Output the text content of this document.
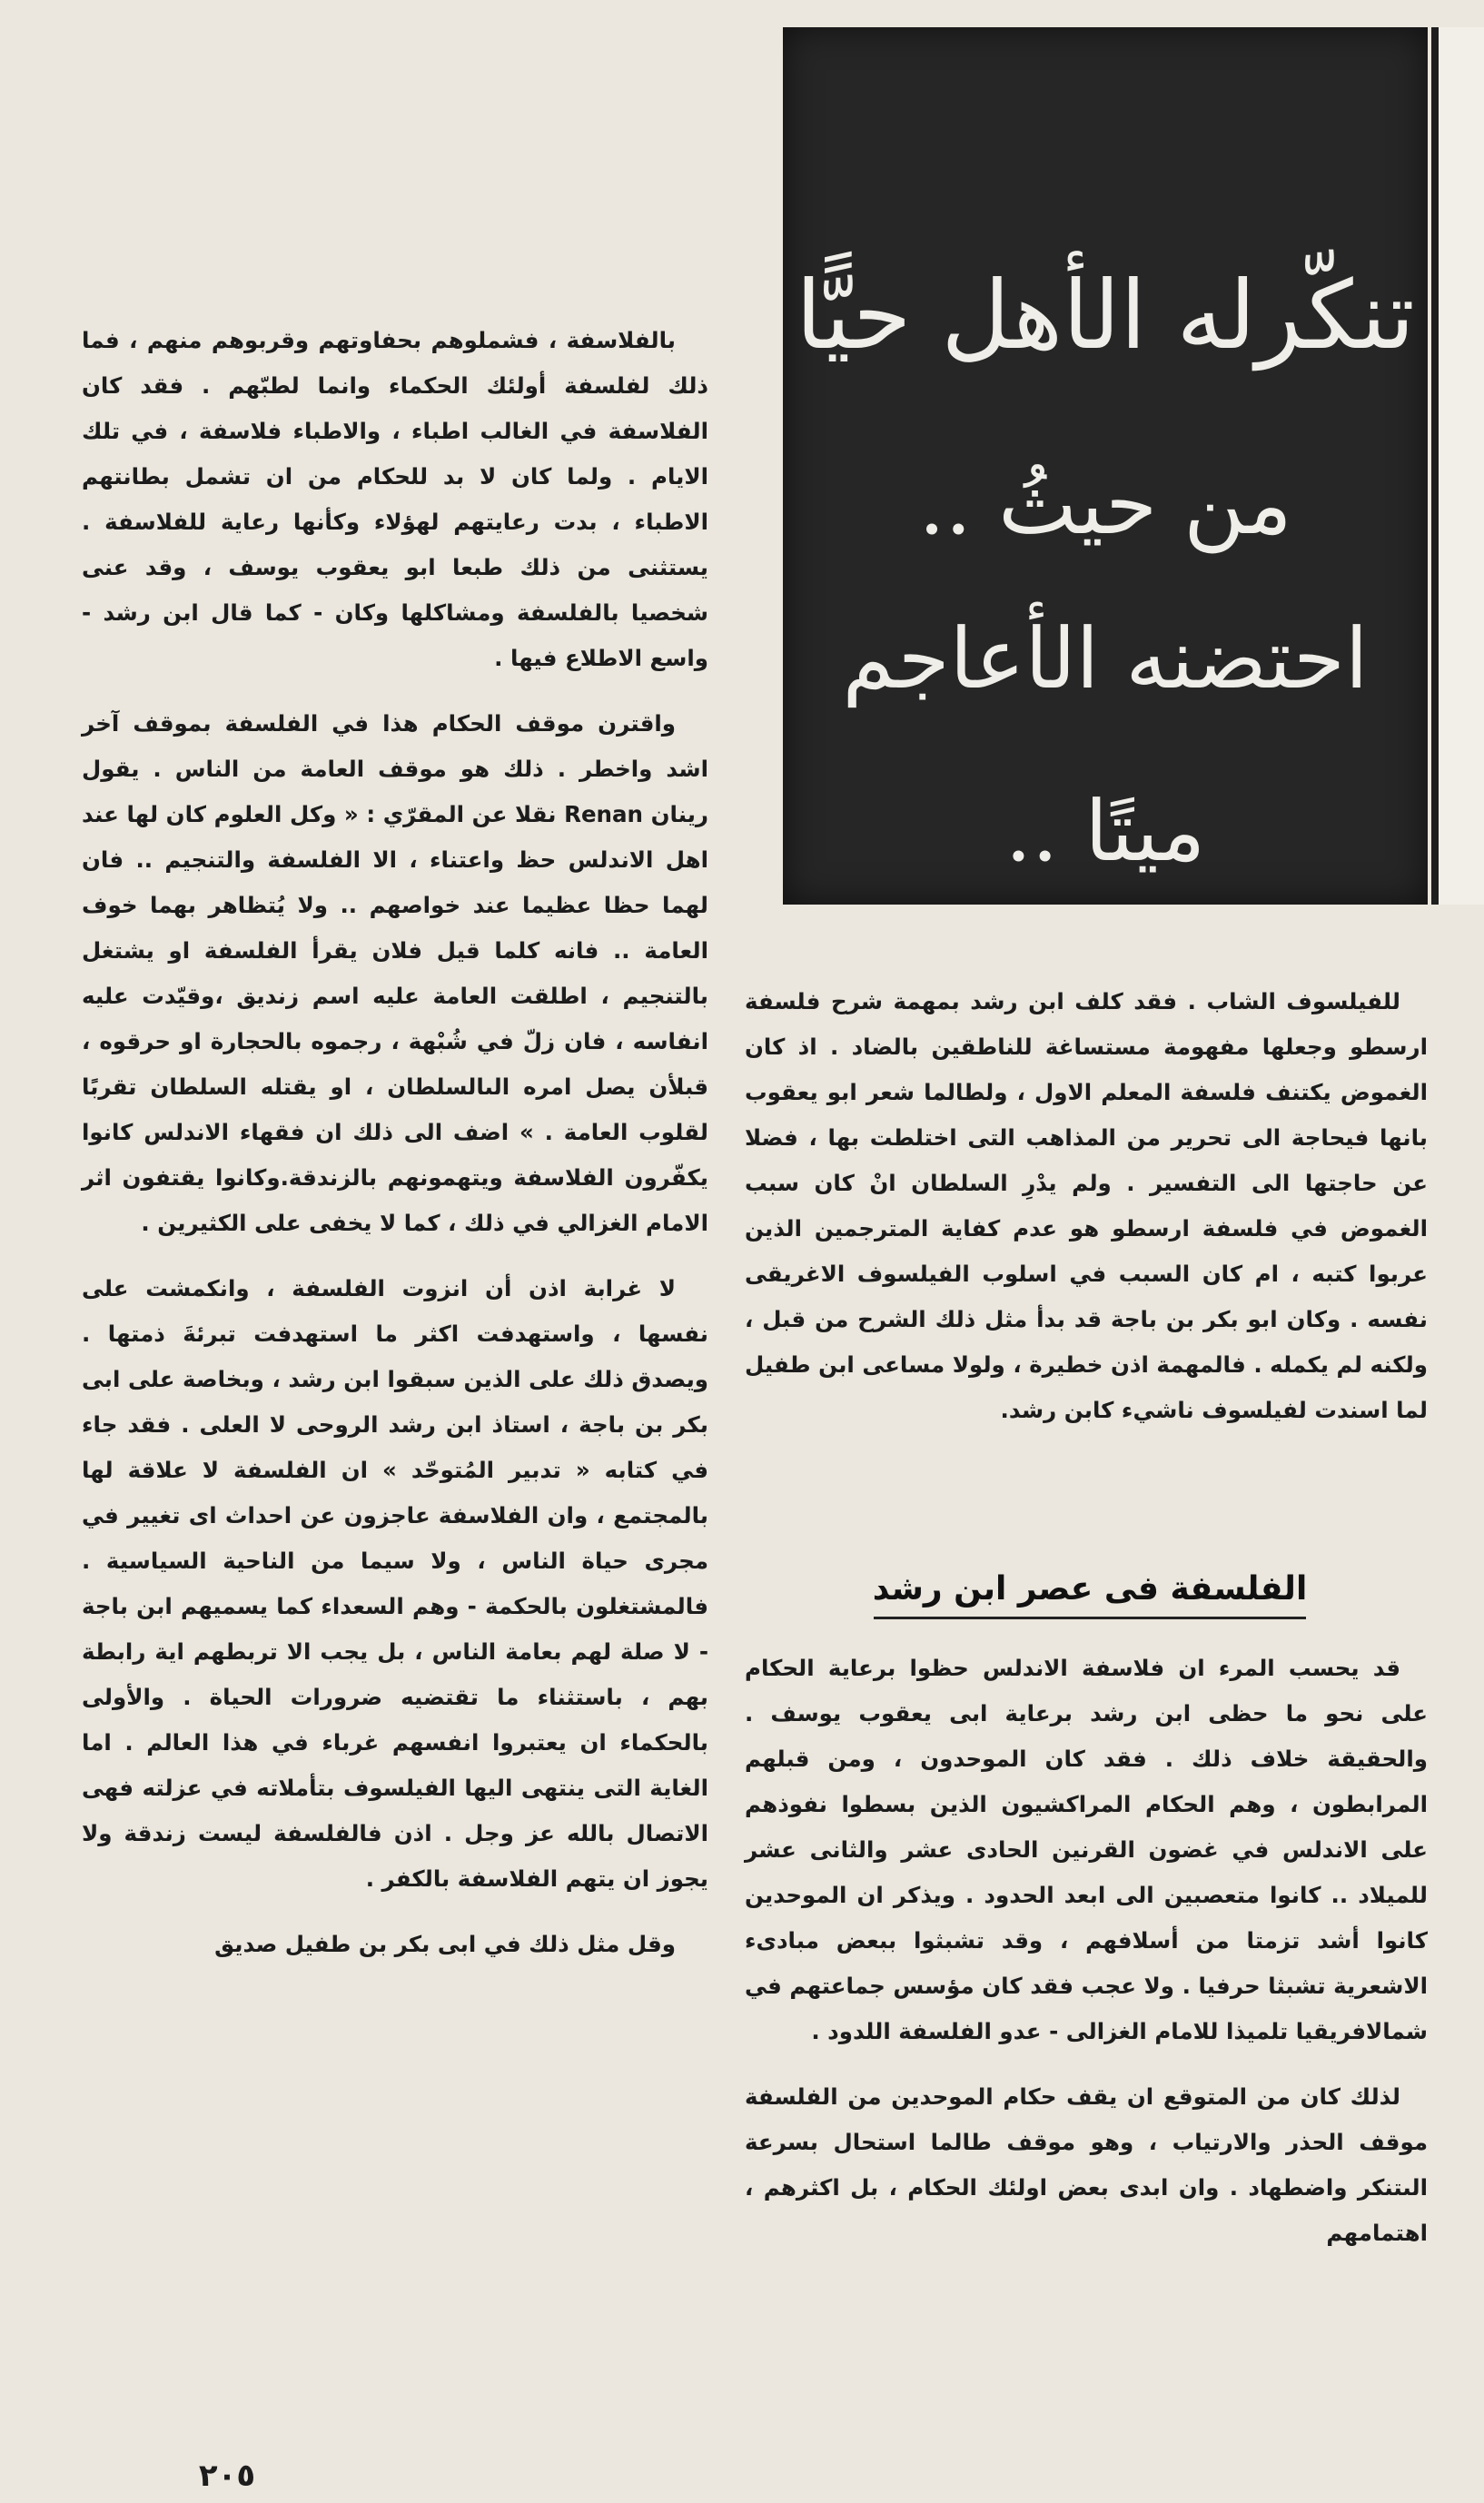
تنكّرله الأهل حيًّا
من حيثُ ..
احتضنه الأعاجم
ميتًا ..

بالفلاسفة ، فشملوهم بحفاوتهم وقربوهم منهم ، فما ذلك لفلسفة أولئك الحكماء وانما لطبّهم . فقد كان الفلاسفة في الغالب اطباء ، والاطباء فلاسفة ، في تلك الايام . ولما كان لا بد للحكام من ان تشمل بطانتهم الاطباء ، بدت رعايتهم لهؤلاء وكأنها رعاية للفلاسفة . يستثنى من ذلك طبعا ابو يعقوب يوسف ، وقد عنى شخصيا بالفلسفة ومشاكلها وكان - كما قال ابن رشد - واسع الاطلاع فيها .

واقترن موقف الحكام هذا في الفلسفة بموقف آخر اشد واخطر . ذلك هو موقف العامة من الناس . يقول رينان Renan نقلا عن المقرّي : « وكل العلوم كان لها عند اهل الاندلس حظ واعتناء ، الا الفلسفة والتنجيم .. فان لهما حظا عظيما عند خواصهم .. ولا يُتظاهر بهما خوف العامة .. فانه كلما قيل فلان يقرأ الفلسفة او يشتغل بالتنجيم ، اطلقت العامة عليه اسم زنديق ،وقيّدت عليه انفاسه ، فان زلّ في شُبْهة ، رجموه بالحجارة او حرقوه ، قبلأن يصل امره الىالسلطان ، او يقتله السلطان تقربًا لقلوب العامة . » اضف الى ذلك ان فقهاء الاندلس كانوا يكفّرون الفلاسفة ويتهمونهم بالزندقة.وكانوا يقتفون اثر الامام الغزالي في ذلك ، كما لا يخفى على الكثيرين .

لا غرابة اذن أن انزوت الفلسفة ، وانكمشت على نفسها ، واستهدفت اكثر ما استهدفت تبرئةَ ذمتها . ويصدق ذلك على الذين سبقوا ابن رشد ، وبخاصة على ابى بكر بن باجة ، استاذ ابن رشد الروحى لا العلى . فقد جاء في كتابه « تدبير المُتوحّد » ان الفلسفة لا علاقة لها بالمجتمع ، وان الفلاسفة عاجزون عن احداث اى تغيير في مجرى حياة الناس ، ولا سيما من الناحية السياسية . فالمشتغلون بالحكمة - وهم السعداء كما يسميهم ابن باجة - لا صلة لهم بعامة الناس ، بل يجب الا تربطهم اية رابطة بهم ، باستثناء ما تقتضيه ضرورات الحياة . والأولى بالحكماء ان يعتبروا انفسهم غرباء في هذا العالم . اما الغاية التى ينتهى اليها الفيلسوف بتأملاته في عزلته فهى الاتصال بالله عز وجل . اذن فالفلسفة ليست زندقة ولا يجوز ان يتهم الفلاسفة بالكفر .

وقل مثل ذلك في ابى بكر بن طفيل صديق

للفيلسوف الشاب . فقد كلف ابن رشد بمهمة شرح فلسفة ارسطو وجعلها مفهومة مستساغة للناطقين بالضاد . اذ كان الغموض يكتنف فلسفة المعلم الاول ، ولطالما شعر ابو يعقوب بانها فيحاجة الى تحرير من المذاهب التى اختلطت بها ، فضلا عن حاجتها الى التفسير . ولم يدْرِ السلطان انْ كان سبب الغموض في فلسفة ارسطو هو عدم كفاية المترجمين الذين عربوا كتبه ، ام كان السبب في اسلوب الفيلسوف الاغريقى نفسه . وكان ابو بكر بن باجة قد بدأ مثل ذلك الشرح من قبل ، ولكنه لم يكمله . فالمهمة اذن خطيرة ، ولولا مساعى ابن طفيل لما اسندت لفيلسوف ناشيء كابن رشد.

الفلسفة فى عصر ابن رشد

قد يحسب المرء ان فلاسفة الاندلس حظوا برعاية الحكام على نحو ما حظى ابن رشد برعاية ابى يعقوب يوسف . والحقيقة خلاف ذلك . فقد كان الموحدون ، ومن قبلهم المرابطون ، وهم الحكام المراكشيون الذين بسطوا نفوذهم على الاندلس في غضون القرنين الحادى عشر والثانى عشر للميلاد .. كانوا متعصبين الى ابعد الحدود . ويذكر ان الموحدين كانوا أشد تزمتا من أسلافهم ، وقد تشبثوا ببعض مبادىء الاشعرية تشبثا حرفيا . ولا عجب فقد كان مؤسس جماعتهم في شمالافريقيا تلميذا للامام الغزالى - عدو الفلسفة اللدود .

لذلك كان من المتوقع ان يقف حكام الموحدين من الفلسفة موقف الحذر والارتياب ، وهو موقف طالما استحال بسرعة الىتنكر واضطهاد . وان ابدى بعض اولئك الحكام ، بل اكثرهم ، اهتمامهم

٢٠٥
